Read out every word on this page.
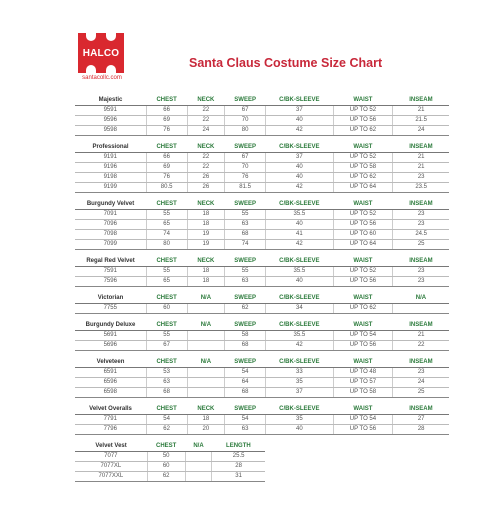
HALCO
santacollc.com
Santa Claus Costume Size Chart
Majestic	CHEST	NECK	SWEEP	C/BK-SLEEVE	WAIST	INSEAM
9591	66	22	67	37	UP TO 52	21
9596	69	22	70	40	UP TO 56	21.5
9598	76	24	80	42	UP TO 62	24
Professional	CHEST	NECK	SWEEP	C/BK-SLEEVE	WAIST	INSEAM
9191	66	22	67	37	UP TO 52	21
9196	69	22	70	40	UP TO 58	21
9198	76	26	76	40	UP TO 62	23
9199	80.5	26	81.5	42	UP TO 64	23.5
Burgundy Velvet	CHEST	NECK	SWEEP	C/BK-SLEEVE	WAIST	INSEAM
7091	55	18	55	35.5	UP TO 52	23
7096	65	18	63	40	UP TO 56	23
7098	74	19	68	41	UP TO 60	24.5
7099	80	19	74	42	UP TO 64	25
Regal Red Velvet	CHEST	NECK	SWEEP	C/BK-SLEEVE	WAIST	INSEAM
7591	55	18	55	35.5	UP TO 52	23
7596	65	18	63	40	UP TO 56	23
Victorian	CHEST	N/A	SWEEP	C/BK-SLEEVE	WAIST	N/A
7755	60		62	34	UP TO 62	
Burgundy Deluxe	CHEST	N/A	SWEEP	C/BK-SLEEVE	WAIST	INSEAM
5691	55		58	35.5	UP TO 54	21
5696	67		68	42	UP TO 56	22
Velveteen	CHEST	N/A	SWEEP	C/BK-SLEEVE	WAIST	INSEAM
6591	53		54	33	UP TO 48	23
6596	63		64	35	UP TO 57	24
6598	68		68	37	UP TO 58	25
Velvet Overalls	CHEST	NECK	SWEEP	C/BK-SLEEVE	WAIST	INSEAM
7791	54	18	54	35	UP TO 54	27
7796	62	20	63	40	UP TO 56	28
Velvet Vest	CHEST	N/A	LENGTH
7077	50		25.5
7077XL	60		28
7077XXL	62		31
